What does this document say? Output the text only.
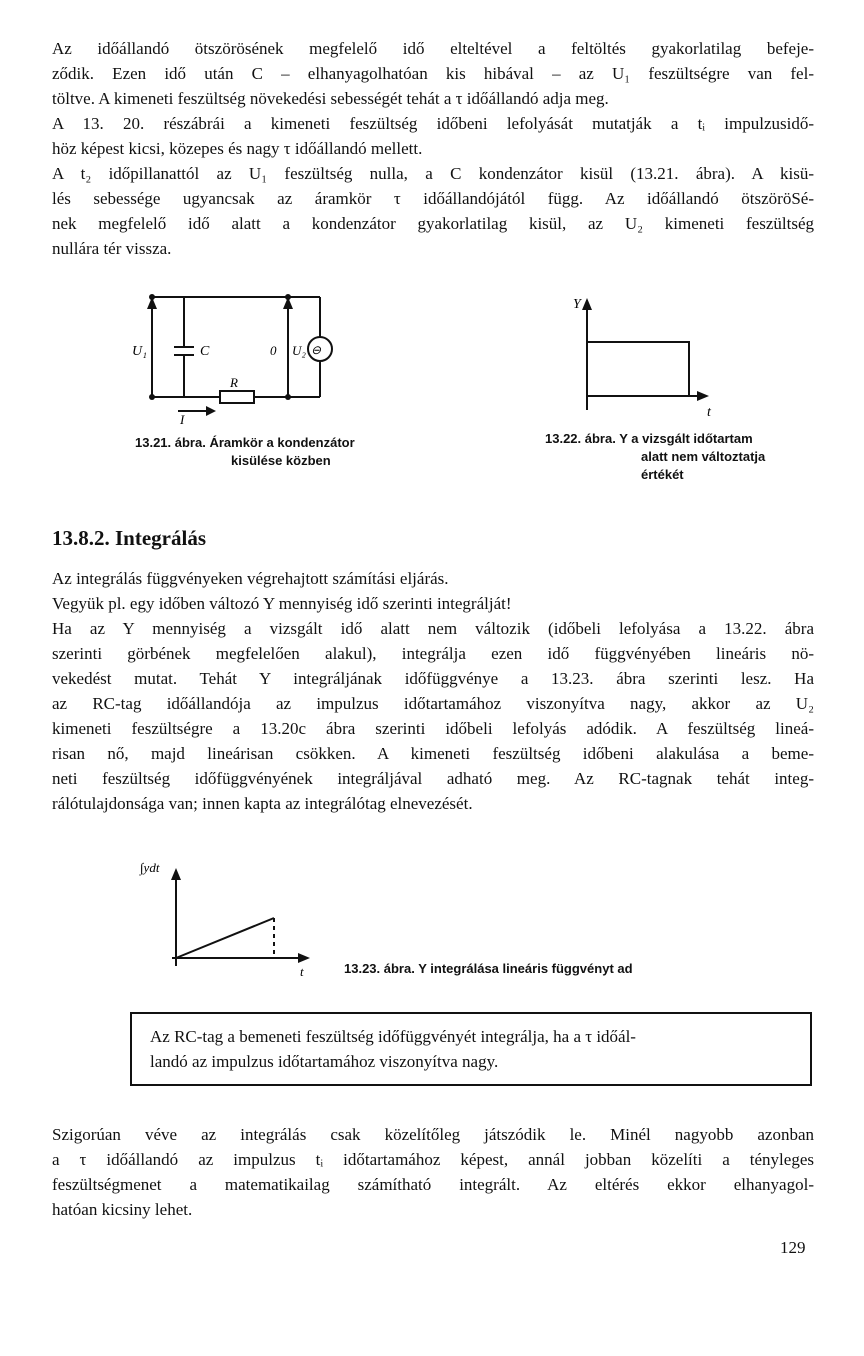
Az időállandó ötszörösének megfelelő idő elteltével a feltöltés gyakorlatilag befeje-
ződik. Ezen idő után C – elhanyagolhatóan kis hibával – az U₁ feszültségre van fel-
töltve. A kimeneti feszültség növekedési sebességét tehát a τ időállandó adja meg.
A 13. 20. részábrái a kimeneti feszültség időbeni lefolyását mutatják a tᵢ impulzusidő-
höz képest kicsi, közepes és nagy τ időállandó mellett.
A t₂ időpillanattól az U₁ feszültség nulla, a C kondenzátor kisül (13.21. ábra). A kisü-
lés sebessége ugyancsak az áramkör τ időállandójától függ. Az időállandó ötszöröSé-
nek megfelelő idő alatt a kondenzátor gyakorlatilag kisül, az U₂ kimeneti feszültség
nullára tér vissza.
U₁	C	0 U₂
R
I
⊖
13.21. ábra. Áramkör a kondenzátor
kisülése közben
Y
t
13.22. ábra. Y a vizsgált időtartam
alatt nem változtatja
értékét
13.8.2. Integrálás
Az integrálás függvényeken végrehajtott számítási eljárás.
Vegyük pl. egy időben változó Y mennyiség idő szerinti integrálját!
Ha az Y mennyiség a vizsgált idő alatt nem változik (időbeli lefolyása a 13.22. ábra
szerinti görbének megfelelően alakul), integrálja ezen idő függvényében lineáris nö-
vekedést mutat. Tehát Y integráljának időfüggvénye a 13.23. ábra szerinti lesz. Ha
az RC-tag időállandója az impulzus időtartamához viszonyítva nagy, akkor az U₂
kimeneti feszültségre a 13.20c ábra szerinti időbeli lefolyás adódik. A feszültség lineá-
risan nő, majd lineárisan csökken. A kimeneti feszültség időbeni alakulása a beme-
neti feszültség időfüggvényének integráljával adható meg. Az RC-tagnak tehát integ-
rálótulajdonsága van; innen kapta az integrálótag elnevezését.
∫ydt
t	13.23. ábra. Y integrálása lineáris függvényt ad
Az RC-tag a bemeneti feszültség időfüggvényét integrálja, ha a τ időál-
landó az impulzus időtartamához viszonyítva nagy.
Szigorúan véve az integrálás csak közelítőleg játszódik le. Minél nagyobb azonban
a τ időállandó az impulzus tᵢ időtartamához képest, annál jobban közelíti a tényleges
feszültségmenet a matematikailag számítható integrált. Az eltérés ekkor elhanyagol-
hatóan kicsiny lehet.
129
